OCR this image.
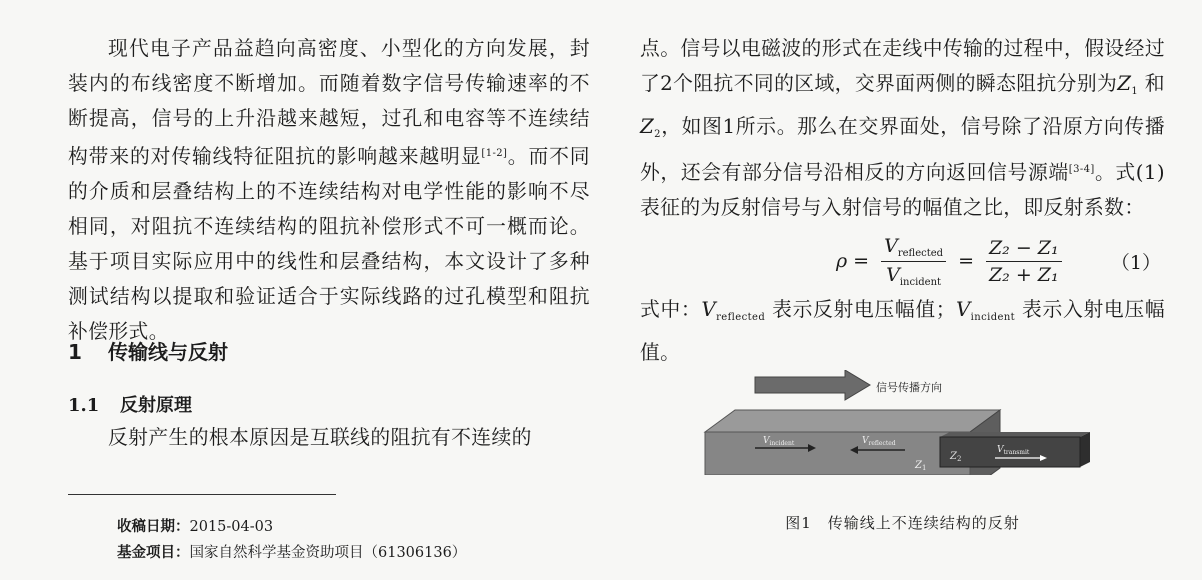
现代电子产品益趋向高密度、小型化的方向发展，封装内的布线密度不断增加。而随着数字信号传输速率的不断提高，信号的上升沿越来越短，过孔和电容等不连续结构带来的对传输线特征阻抗的影响越来越明显[1-2]。而不同的介质和层叠结构上的不连续结构对电学性能的影响不尽相同，对阻抗不连续结构的阻抗补偿形式不可一概而论。基于项目实际应用中的线性和层叠结构，本文设计了多种测试结构以提取和验证适合于实际线路的过孔模型和阻抗补偿形式。

1 传输线与反射
1.1 反射原理

反射产生的根本原因是互联线的阻抗有不连续的

收稿日期：2015-04-03

基金项目：国家自然科学基金资助项目（61306136）

点。信号以电磁波的形式在走线中传输的过程中，假设经过了2个阻抗不同的区域，交界面两侧的瞬态阻抗分别为$Z_1$ 和 $Z_2$，如图1所示。那么在交界面处，信号除了沿原方向传播外，还会有部分信号沿相反的方向返回信号源端[3-4]。式(1)表征的为反射信号与入射信号的幅值之比，即反射系数：

$\rho = \frac{V_{reflected}}{V_{incident}} = \frac{\text{Z₂ − Z₁}}{\text{Z₂ + Z₁}}$	（1）

式中：$V_{reflected}$ 表示反射电压幅值；$V_{incident}$ 表示入射电压幅值。

信号传播方向
$V_{incident}$	$V_{reflected}$
$Z_1$
$Z_2$
$V_{transmit}$

图1　传输线上不连续结构的反射
